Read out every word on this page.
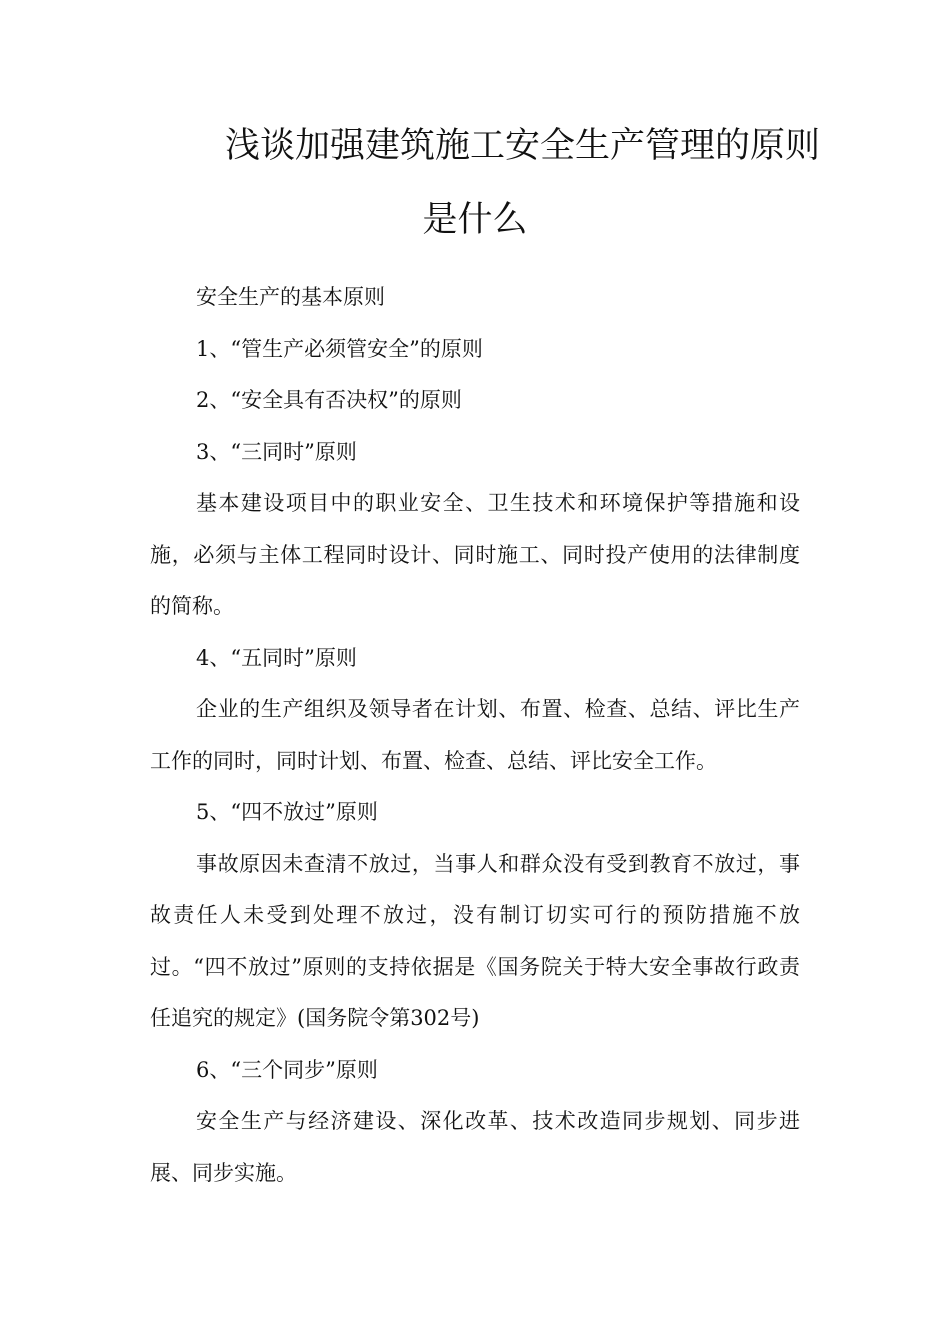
浅谈加强建筑施工安全生产管理的原则
是什么

安全生产的基本原则

1、“管生产必须管安全”的原则

2、“安全具有否决权”的原则

3、“三同时”原则

基本建设项目中的职业安全、卫生技术和环境保护等措施和设施，必须与主体工程同时设计、同时施工、同时投产使用的法律制度的简称。

4、“五同时”原则

企业的生产组织及领导者在计划、布置、检查、总结、评比生产工作的同时，同时计划、布置、检查、总结、评比安全工作。

5、“四不放过”原则

事故原因未查清不放过，当事人和群众没有受到教育不放过，事故责任人未受到处理不放过，没有制订切实可行的预防措施不放过。“四不放过”原则的支持依据是《国务院关于特大安全事故行政责任追究的规定》(国务院令第302号)

6、“三个同步”原则

安全生产与经济建设、深化改革、技术改造同步规划、同步进展、同步实施。
